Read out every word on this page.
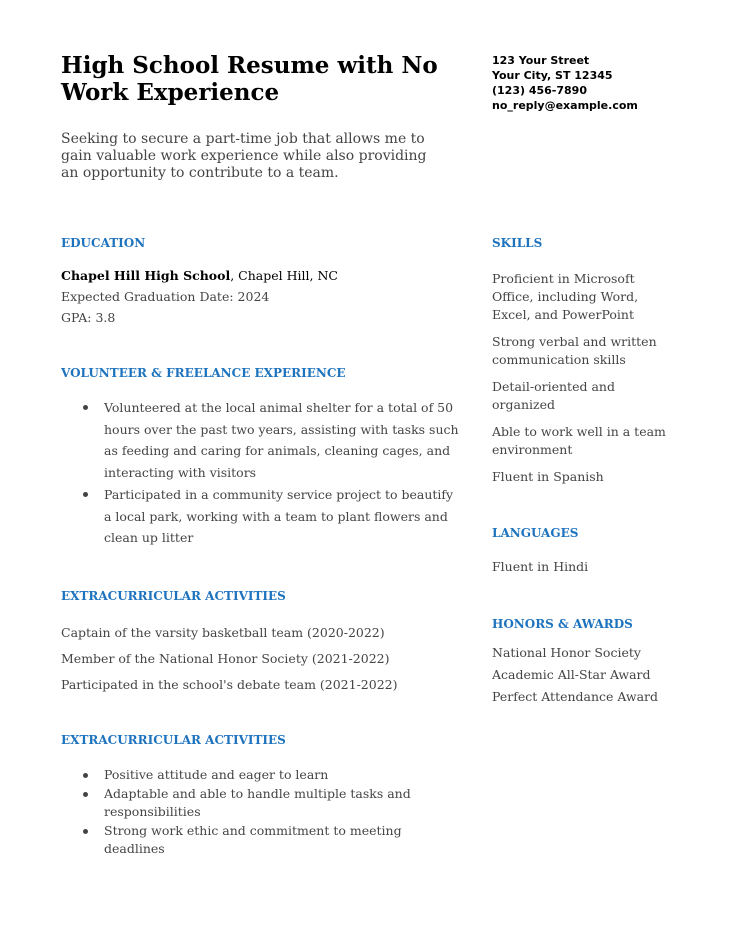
High School Resume with No Work Experience
123 Your Street
Your City, ST 12345
(123) 456-7890
no_reply@example.com
Seeking to secure a part-time job that allows me to gain valuable work experience while also providing an opportunity to contribute to a team.
EDUCATION
Chapel Hill High School, Chapel Hill, NC
Expected Graduation Date: 2024
GPA: 3.8
VOLUNTEER & FREELANCE EXPERIENCE
Volunteered at the local animal shelter for a total of 50 hours over the past two years, assisting with tasks such as feeding and caring for animals, cleaning cages, and interacting with visitors
Participated in a community service project to beautify a local park, working with a team to plant flowers and clean up litter
EXTRACURRICULAR ACTIVITIES
Captain of the varsity basketball team (2020-2022)
Member of the National Honor Society (2021-2022)
Participated in the school's debate team (2021-2022)
EXTRACURRICULAR ACTIVITIES
Positive attitude and eager to learn
Adaptable and able to handle multiple tasks and responsibilities
Strong work ethic and commitment to meeting deadlines
SKILLS
Proficient in Microsoft Office, including Word, Excel, and PowerPoint
Strong verbal and written communication skills
Detail-oriented and organized
Able to work well in a team environment
Fluent in Spanish
LANGUAGES
Fluent in Hindi
HONORS & AWARDS
National Honor Society
Academic All-Star Award
Perfect Attendance Award
